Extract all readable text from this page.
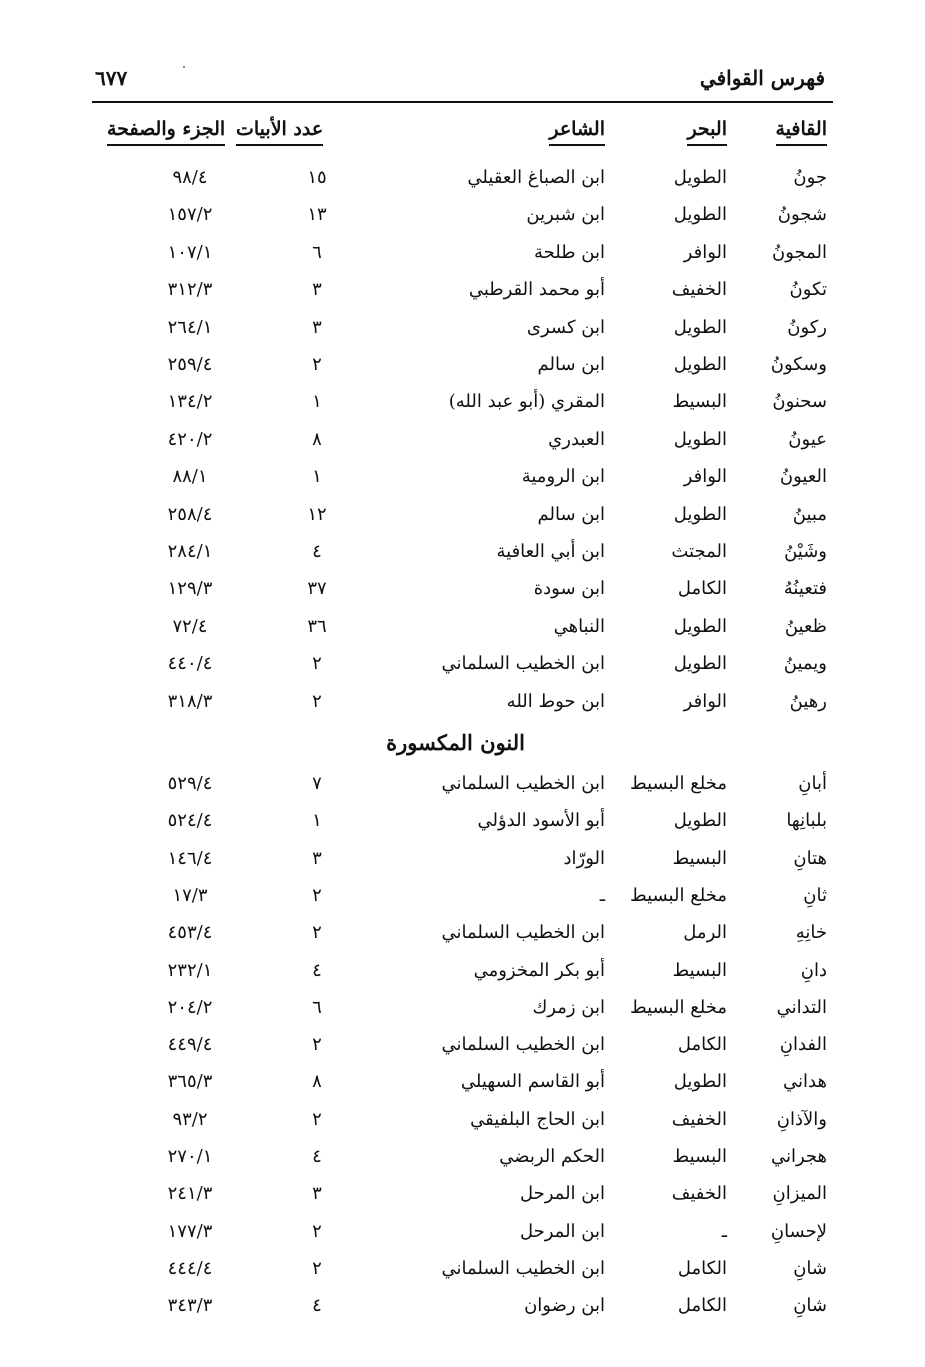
فهرس القوافي
٦٧٧
القافية
البحر
الشاعر
عدد الأبيات
الجزء والصفحة
جونُ
الطويل
ابن الصباغ العقيلي
١٥
٩٨/٤
شجونُ
الطويل
ابن شبرين
١٣
١٥٧/٢
المجونُ
الوافر
ابن طلحة
٦
١٠٧/١
تكونُ
الخفيف
أبو محمد القرطبي
٣
٣١٢/٣
ركونُ
الطويل
ابن كسرى
٣
٢٦٤/١
وسكونُ
الطويل
ابن سالم
٢
٢٥٩/٤
سحنونُ
البسيط
المقري (أبو عبد الله)
١
١٣٤/٢
عيونُ
الطويل
العبدري
٨
٤٢٠/٢
العيونُ
الوافر
ابن الرومية
١
٨٨/١
مبينُ
الطويل
ابن سالم
١٢
٢٥٨/٤
وشَيْنُ
المجتث
ابن أبي العافية
٤
٢٨٤/١
فتعينُهُ
الكامل
ابن سودة
٣٧
١٢٩/٣
ظعينُ
الطويل
النباهي
٣٦
٧٢/٤
ويمينُ
الطويل
ابن الخطيب السلماني
٢
٤٤٠/٤
رهينُ
الوافر
ابن حوط الله
٢
٣١٨/٣
النون المكسورة
أبانِ
مخلع البسيط
ابن الخطيب السلماني
٧
٥٢٩/٤
بلبانِها
الطويل
أبو الأسود الدؤلي
١
٥٢٤/٤
هتانِ
البسيط
الورّاد
٣
١٤٦/٤
ثانِ
مخلع البسيط
ـ
٢
١٧/٣
خانِهِ
الرمل
ابن الخطيب السلماني
٢
٤٥٣/٤
دانِ
البسيط
أبو بكر المخزومي
٤
٢٣٢/١
التداني
مخلع البسيط
ابن زمرك
٦
٢٠٤/٢
الفدانِ
الكامل
ابن الخطيب السلماني
٢
٤٤٩/٤
هداني
الطويل
أبو القاسم السهيلي
٨
٣٦٥/٣
والآذانِ
الخفيف
ابن الحاج البلفيقي
٢
٩٣/٢
هجراني
البسيط
الحكم الربضي
٤
٢٧٠/١
الميزانِ
الخفيف
ابن المرحل
٣
٢٤١/٣
لإحسانِ
ـ
ابن المرحل
٢
١٧٧/٣
شانِ
الكامل
ابن الخطيب السلماني
٢
٤٤٤/٤
شانِ
الكامل
ابن رضوان
٤
٣٤٣/٣
